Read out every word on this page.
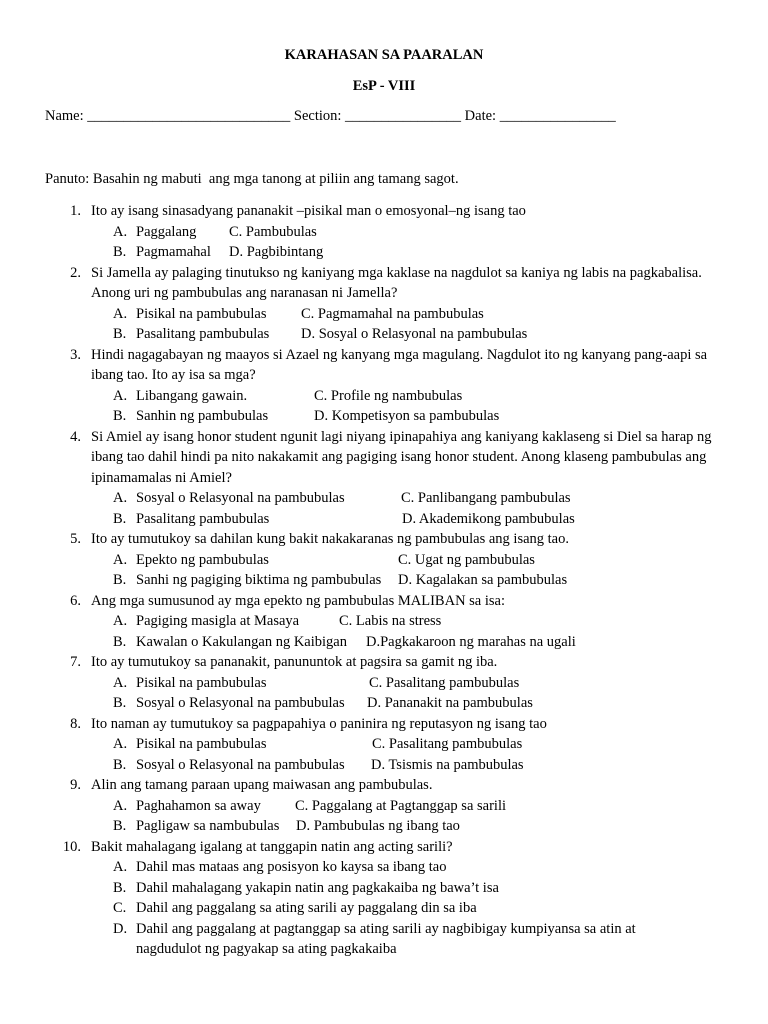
KARAHASAN SA PAARALAN
EsP - VIII
Name: ____________________________ Section: ________________ Date: ________________
Panuto: Basahin ng mabuti  ang mga tanong at piliin ang tamang sagot.
1. Ito ay isang sinasadyang pananakit –pisikal man o emosyonal–ng isang tao
A. Paggalang C. Pambubulas
B. Pagmamahal D. Pagbibintang
2. Si Jamella ay palaging tinutukso ng kaniyang mga kaklase na nagdulot sa kaniya ng labis na pagkabalisa. Anong uri ng pambubulas ang naranasan ni Jamella?
A. Pisikal na pambubulas C. Pagmamahal na pambubulas
B. Pasalitang pambubulas D. Sosyal o Relasyonal na pambubulas
3. Hindi nagagabayan ng maayos si Azael ng kanyang mga magulang. Nagdulot ito ng kanyang pang-aapi sa ibang tao. Ito ay isa sa mga?
A. Libangang gawain.	C. Profile ng nambubulas
B. Sanhin ng pambubulas	D. Kompetisyon sa pambubulas
4. Si Amiel ay isang honor student ngunit lagi niyang ipinapahiya ang kaniyang kaklaseng si Diel sa harap ng ibang tao dahil hindi pa nito nakakamit ang pagiging isang honor student. Anong klaseng pambubulas ang ipinamamalas ni Amiel?
A. Sosyal o Relasyonal na pambubulas	C. Panlibangang pambubulas
B. Pasalitang pambubulas	D. Akademikong pambubulas
5. Ito ay tumutukoy sa dahilan kung bakit nakakaranas ng pambubulas ang isang tao.
A. Epekto ng pambubulas	C. Ugat ng pambubulas
B. Sanhi ng pagiging biktima ng pambubulas D. Kagalakan sa pambubulas
6. Ang mga sumusunod ay mga epekto ng pambubulas MALIBAN sa isa:
A. Pagiging masigla at Masaya	C. Labis na stress
B. Kawalan o Kakulangan ng Kaibigan D.Pagkakaroon ng marahas na ugali
7. Ito ay tumutukoy sa pananakit, panununtok at pagsira sa gamit ng iba.
A. Pisikal na pambubulas	C. Pasalitang pambubulas
B. Sosyal o Relasyonal na pambubulas D. Pananakit na pambubulas
8. Ito naman ay tumutukoy sa pagpapahiya o paninira ng reputasyon ng isang tao
A. Pisikal na pambubulas	C. Pasalitang pambubulas
B. Sosyal o Relasyonal na pambubulas D. Tsismis na pambubulas
9. Alin ang tamang paraan upang maiwasan ang pambubulas.
A. Paghahamon sa away C. Paggalang at Pagtanggap sa sarili
B. Pagligaw sa nambubulas D. Pambubulas ng ibang tao
10. Bakit mahalagang igalang at tanggapin natin ang acting sarili?
A. Dahil mas mataas ang posisyon ko kaysa sa ibang tao
B. Dahil mahalagang yakapin natin ang pagkakaiba ng bawa’t isa
C. Dahil ang paggalang sa ating sarili ay paggalang din sa iba
D. Dahil ang paggalang at pagtanggap sa ating sarili ay nagbibigay kumpiyansa sa atin at nagdudulot ng pagyakap sa ating pagkakaiba
